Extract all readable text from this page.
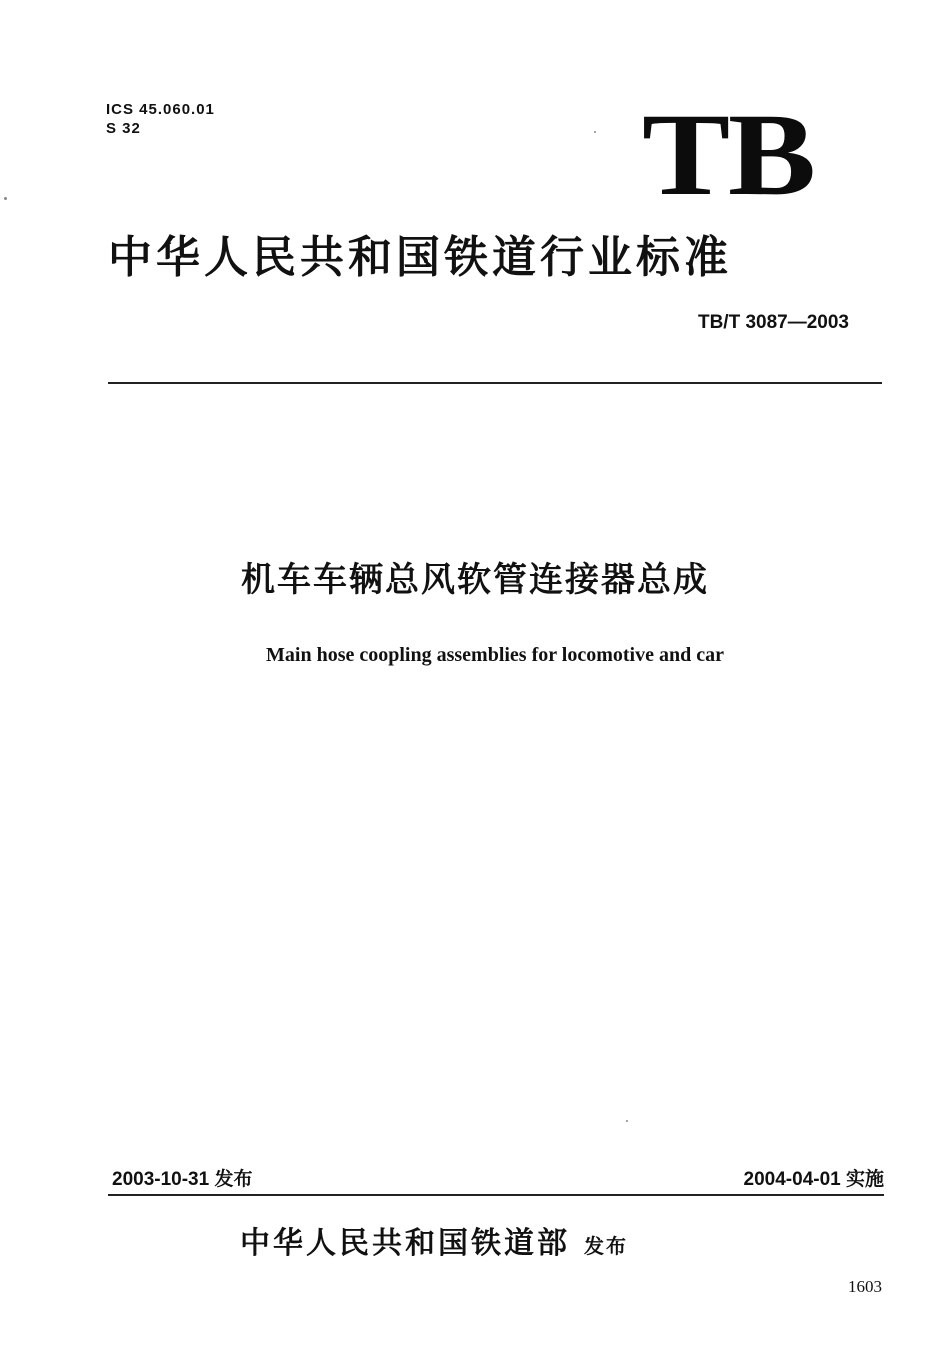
ICS 45.060.01
S 32	TB
中华人民共和国铁道行业标准
TB/T 3087—2003
机车车辆总风软管连接器总成
Main hose coopling assemblies for locomotive and car
2003-10-31 发布	2004-04-01 实施
中华人民共和国铁道部 发布
1603
